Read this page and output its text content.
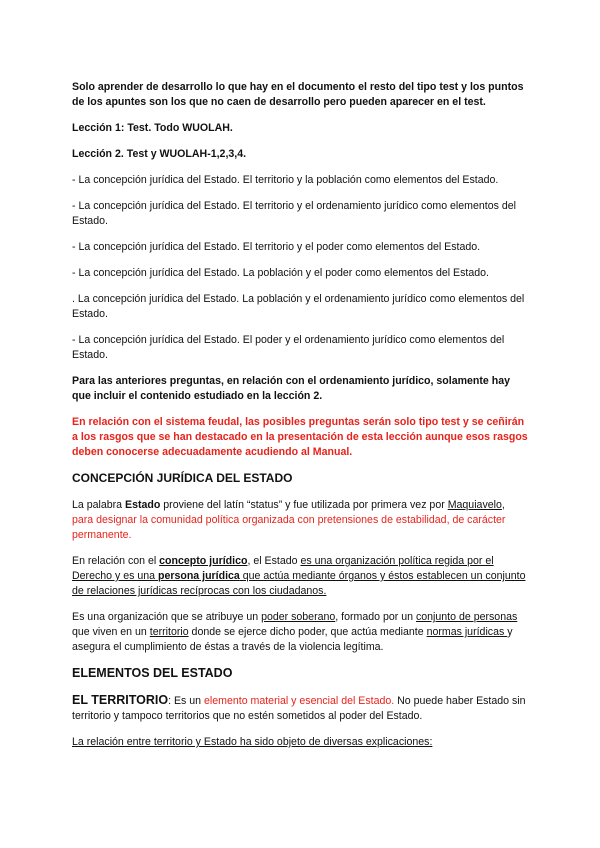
Solo aprender de desarrollo lo que hay en el documento el resto del tipo test y los puntos de los apuntes son los que no caen de desarrollo pero pueden aparecer en el test.

Lección 1: Test. Todo WUOLAH.

Lección 2. Test y WUOLAH-1,2,3,4.

- La concepción jurídica del Estado. El territorio y la población como elementos del Estado.

- La concepción jurídica del Estado. El territorio y el ordenamiento jurídico como elementos del Estado.

- La concepción jurídica del Estado. El territorio y el poder como elementos del Estado.

- La concepción jurídica del Estado. La población y el poder como elementos del Estado.

. La concepción jurídica del Estado. La población y el ordenamiento jurídico como elementos del Estado.

- La concepción jurídica del Estado. El poder y el ordenamiento jurídico como elementos del Estado.

Para las anteriores preguntas, en relación con el ordenamiento jurídico, solamente hay que incluir el contenido estudiado en la lección 2.

En relación con el sistema feudal, las posibles preguntas serán solo tipo test y se ceñirán a los rasgos que se han destacado en la presentación de esta lección aunque esos rasgos deben conocerse adecuadamente acudiendo al Manual.

CONCEPCIÓN JURÍDICA DEL ESTADO

La palabra Estado proviene del latín “status” y fue utilizada por primera vez por Maquiavelo, para designar la comunidad política organizada con pretensiones de estabilidad, de carácter permanente.

En relación con el concepto jurídico, el Estado es una organización política regida por el Derecho y es una persona jurídica que actúa mediante órganos y éstos establecen un conjunto de relaciones jurídicas recíprocas con los ciudadanos.

Es una organización que se atribuye un poder soberano, formado por un conjunto de personas que viven en un territorio donde se ejerce dicho poder, que actúa mediante normas jurídicas y asegura el cumplimiento de éstas a través de la violencia legítima.

ELEMENTOS DEL ESTADO

EL TERRITORIO: Es un elemento material y esencial del Estado. No puede haber Estado sin territorio y tampoco territorios que no estén sometidos al poder del Estado.

La relación entre territorio y Estado ha sido objeto de diversas explicaciones:
